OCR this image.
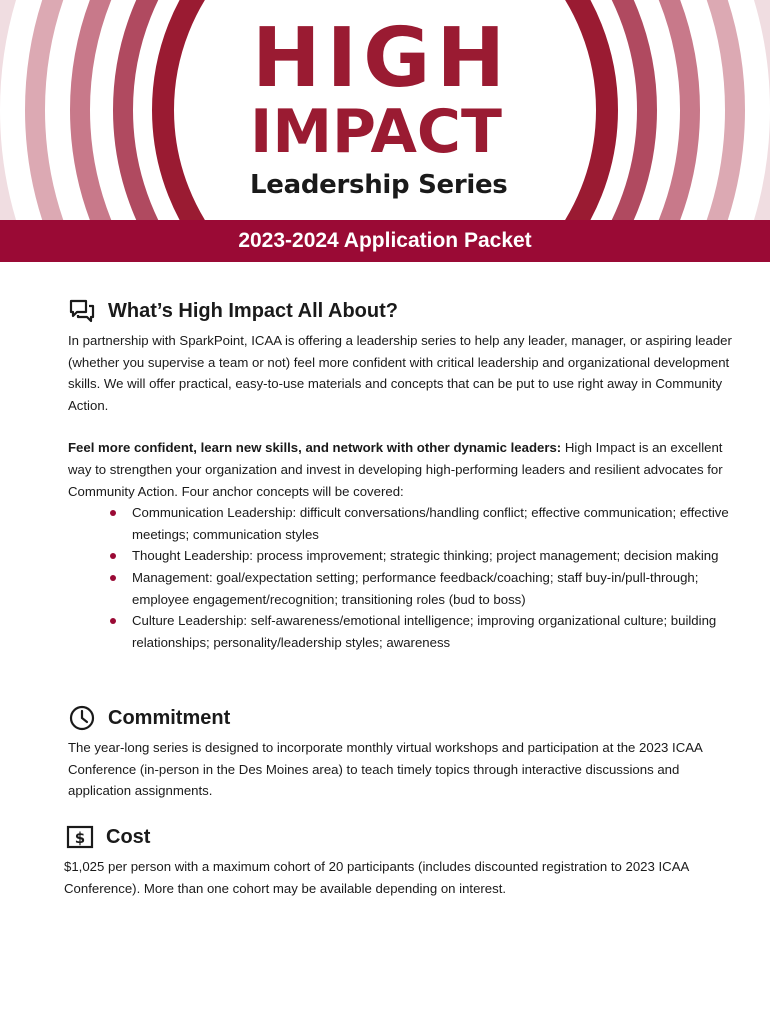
HIGH
IMPACT
Leadership Series
2023-2024 Application Packet
What’s High Impact All About?

In partnership with SparkPoint, ICAA is offering a leadership series to help any leader, manager, or aspiring leader (whether you supervise a team or not) feel more confident with critical leadership and organizational development skills. We will offer practical, easy-to-use materials and concepts that can be put to use right away in Community Action.

Feel more confident, learn new skills, and network with other dynamic leaders: High Impact is an excellent way to strengthen your organization and invest in developing high-performing leaders and resilient advocates for Community Action. Four anchor concepts will be covered:

Communication Leadership: difficult conversations/handling conflict; effective communication; effective meetings; communication styles
Thought Leadership: process improvement; strategic thinking; project management; decision making
Management: goal/expectation setting; performance feedback/coaching; staff buy-in/pull-through; employee engagement/recognition; transitioning roles (bud to boss)
Culture Leadership: self-awareness/emotional intelligence; improving organizational culture; building relationships; personality/leadership styles; awareness
Commitment

The year-long series is designed to incorporate monthly virtual workshops and participation at the 2023 ICAA Conference (in-person in the Des Moines area) to teach timely topics through interactive discussions and application assignments.

$ Cost

$1,025 per person with a maximum cohort of 20 participants (includes discounted registration to 2023 ICAA Conference). More than one cohort may be available depending on interest.
